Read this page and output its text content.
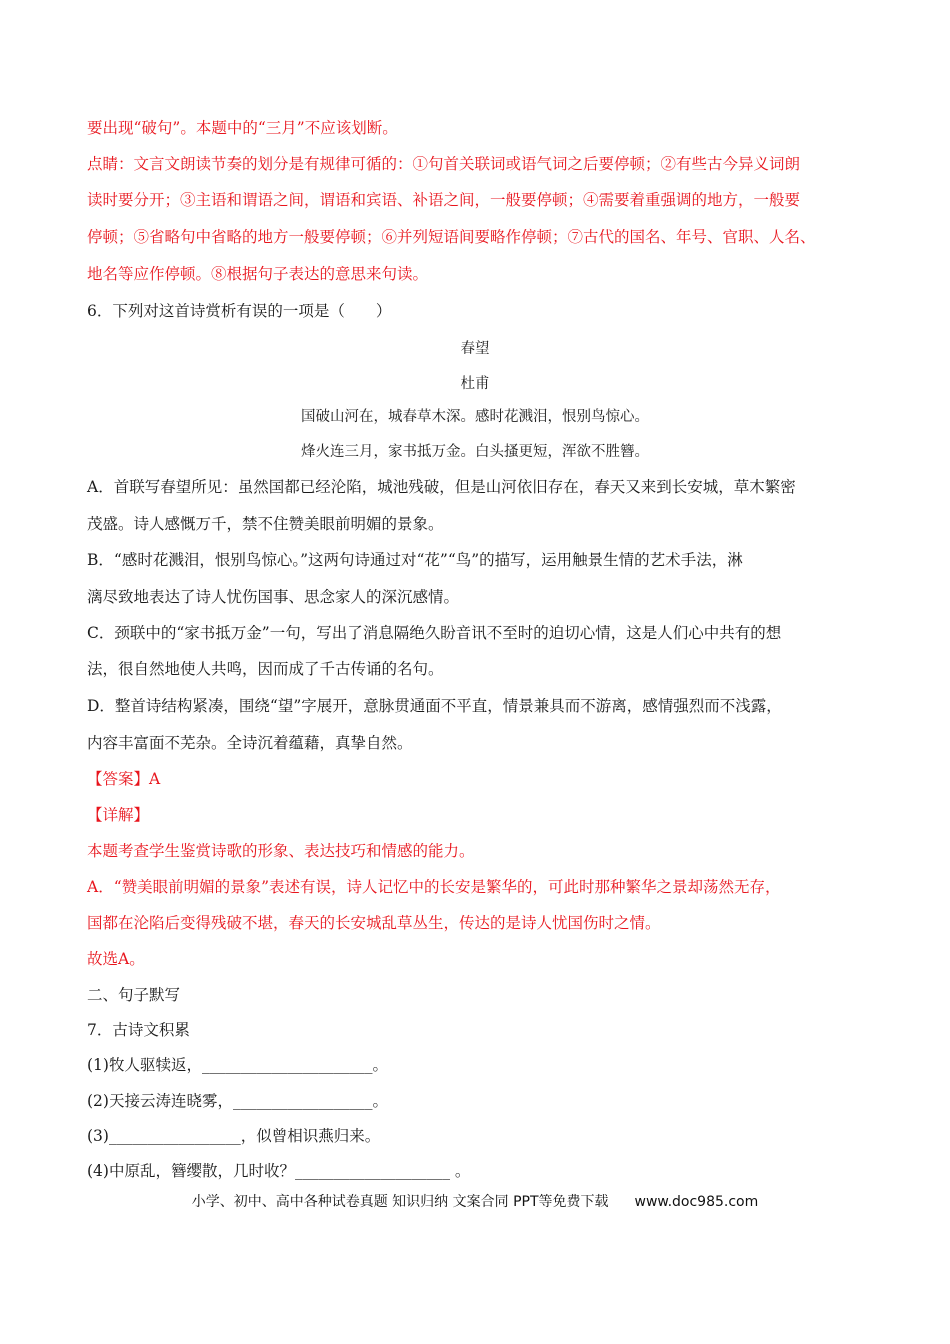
要出现“破句”。本题中的“三月”不应该划断。
点睛：文言文朗读节奏的划分是有规律可循的：①句首关联词或语气词之后要停顿；②有些古今异义词朗
读时要分开；③主语和谓语之间，谓语和宾语、补语之间，一般要停顿；④需要着重强调的地方，一般要
停顿；⑤省略句中省略的地方一般要停顿；⑥并列短语间要略作停顿；⑦古代的国名、年号、官职、人名、
地名等应作停顿。⑧根据句子表达的意思来句读。
6．下列对这首诗赏析有误的一项是（　　）
春望
杜甫
国破山河在，城春草木深。感时花溅泪，恨别鸟惊心。
烽火连三月，家书抵万金。白头搔更短，浑欲不胜簪。
A．首联写春望所见：虽然国都已经沦陷，城池残破，但是山河依旧存在，春天又来到长安城，草木繁密
茂盛。诗人感慨万千，禁不住赞美眼前明媚的景象。
B．“感时花溅泪，恨别鸟惊心。”这两句诗通过对“花”“鸟”的描写，运用触景生情的艺术手法，淋
漓尽致地表达了诗人忧伤国事、思念家人的深沉感情。
C．颈联中的“家书抵万金”一句，写出了消息隔绝久盼音讯不至时的迫切心情，这是人们心中共有的想
法，很自然地使人共鸣，因而成了千古传诵的名句。
D．整首诗结构紧凑，围绕“望”字展开，意脉贯通面不平直，情景兼具而不游离，感情强烈而不浅露，
内容丰富面不芜杂。全诗沉着蕴藉，真挚自然。
【答案】A
【详解】
本题考查学生鉴赏诗歌的形象、表达技巧和情感的能力。
A．“赞美眼前明媚的景象”表述有误，诗人记忆中的长安是繁华的，可此时那种繁华之景却荡然无存，
国都在沦陷后变得残破不堪，春天的长安城乱草丛生，传达的是诗人忧国伤时之情。
故选A。
二、句子默写
7．古诗文积累
(1)牧人驱犊返，______________________。
(2)天接云涛连晓雾，__________________。
(3)_________________，似曾相识燕归来。
(4)中原乱，簪缨散，几时收？____________________ 。
小学、初中、高中各种试卷真题 知识归纳 文案合同 PPT等免费下载 www.doc985.com
